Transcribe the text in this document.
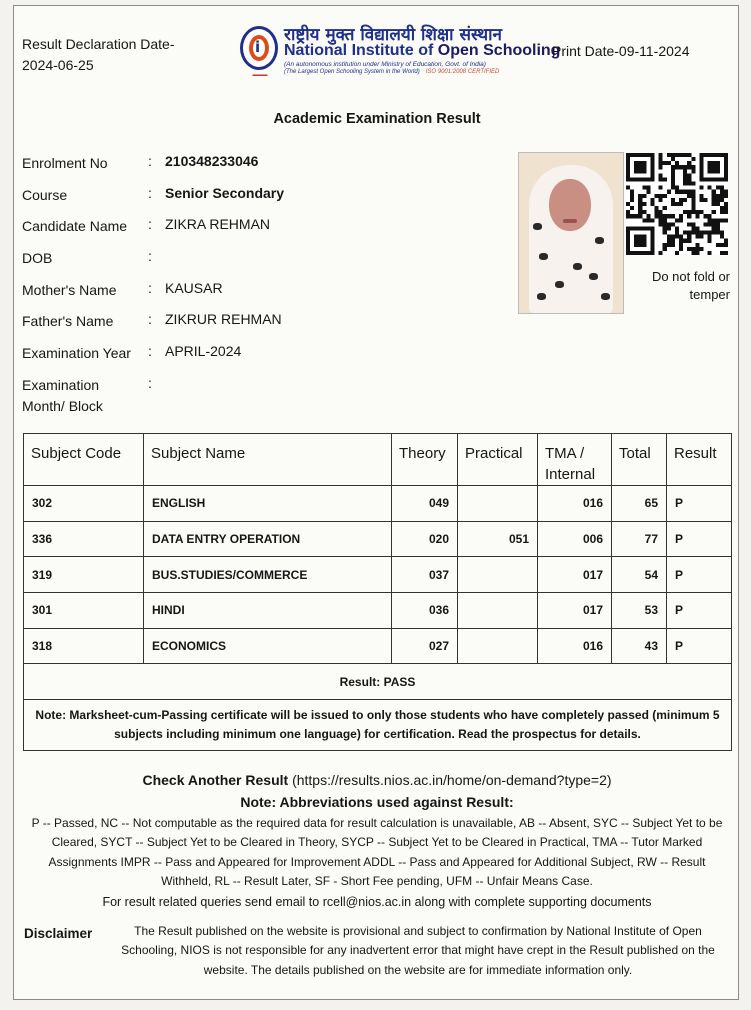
Result Declaration Date-
2024-06-25
i
▬▬▬
राष्ट्रीय मुक्त विद्यालयी शिक्षा संस्थान
National Institute of Open Schooling
(An autonomous institution under Ministry of Education, Govt. of India)
(The Largest Open Schooling System in the World) ISO 9001:2008 CERTIFIED
Print Date-09-11-2024
Academic Examination Result
Enrolment No	: 210348233046
Course	: Senior Secondary
Candidate Name	: ZIKRA REHMAN
DOB	:
Mother's Name	: KAUSAR
Father's Name	: ZIKRUR REHMAN
Examination Year	: APRIL-2024
Examination Month/ Block
:
Do not fold or temper
Subject Code	Subject Name	Theory	Practical	TMA / Internal	Total	Result
302	ENGLISH	049		016	65	P
336	DATA ENTRY OPERATION	020	051	006	77	P
319	BUS.STUDIES/COMMERCE	037		017	54	P
301	HINDI	036		017	53	P
318	ECONOMICS	027		016	43	P
Result: PASS						
Note: Marksheet-cum-Passing certificate will be issued to only those students who have completely passed (minimum 5 subjects including minimum one language) for certification. Read the prospectus for details.						
Check Another Result (https://results.nios.ac.in/home/on-demand?type=2)
Note: Abbreviations used against Result:
P -- Passed, NC -- Not computable as the required data for result calculation is unavailable, AB -- Absent, SYC -- Subject Yet to be Cleared, SYCT -- Subject Yet to be Cleared in Theory, SYCP -- Subject Yet to be Cleared in Practical, TMA -- Tutor Marked Assignments IMPR -- Pass and Appeared for Improvement ADDL -- Pass and Appeared for Additional Subject, RW -- Result Withheld, RL -- Result Later, SF - Short Fee pending, UFM -- Unfair Means Case.
For result related queries send email to rcell@nios.ac.in along with complete supporting documents
Disclaimer	The Result published on the website is provisional and subject to confirmation by National Institute of Open Schooling, NIOS is not responsible for any inadvertent error that might have crept in the Result published on the website. The details published on the website are for immediate information only.
